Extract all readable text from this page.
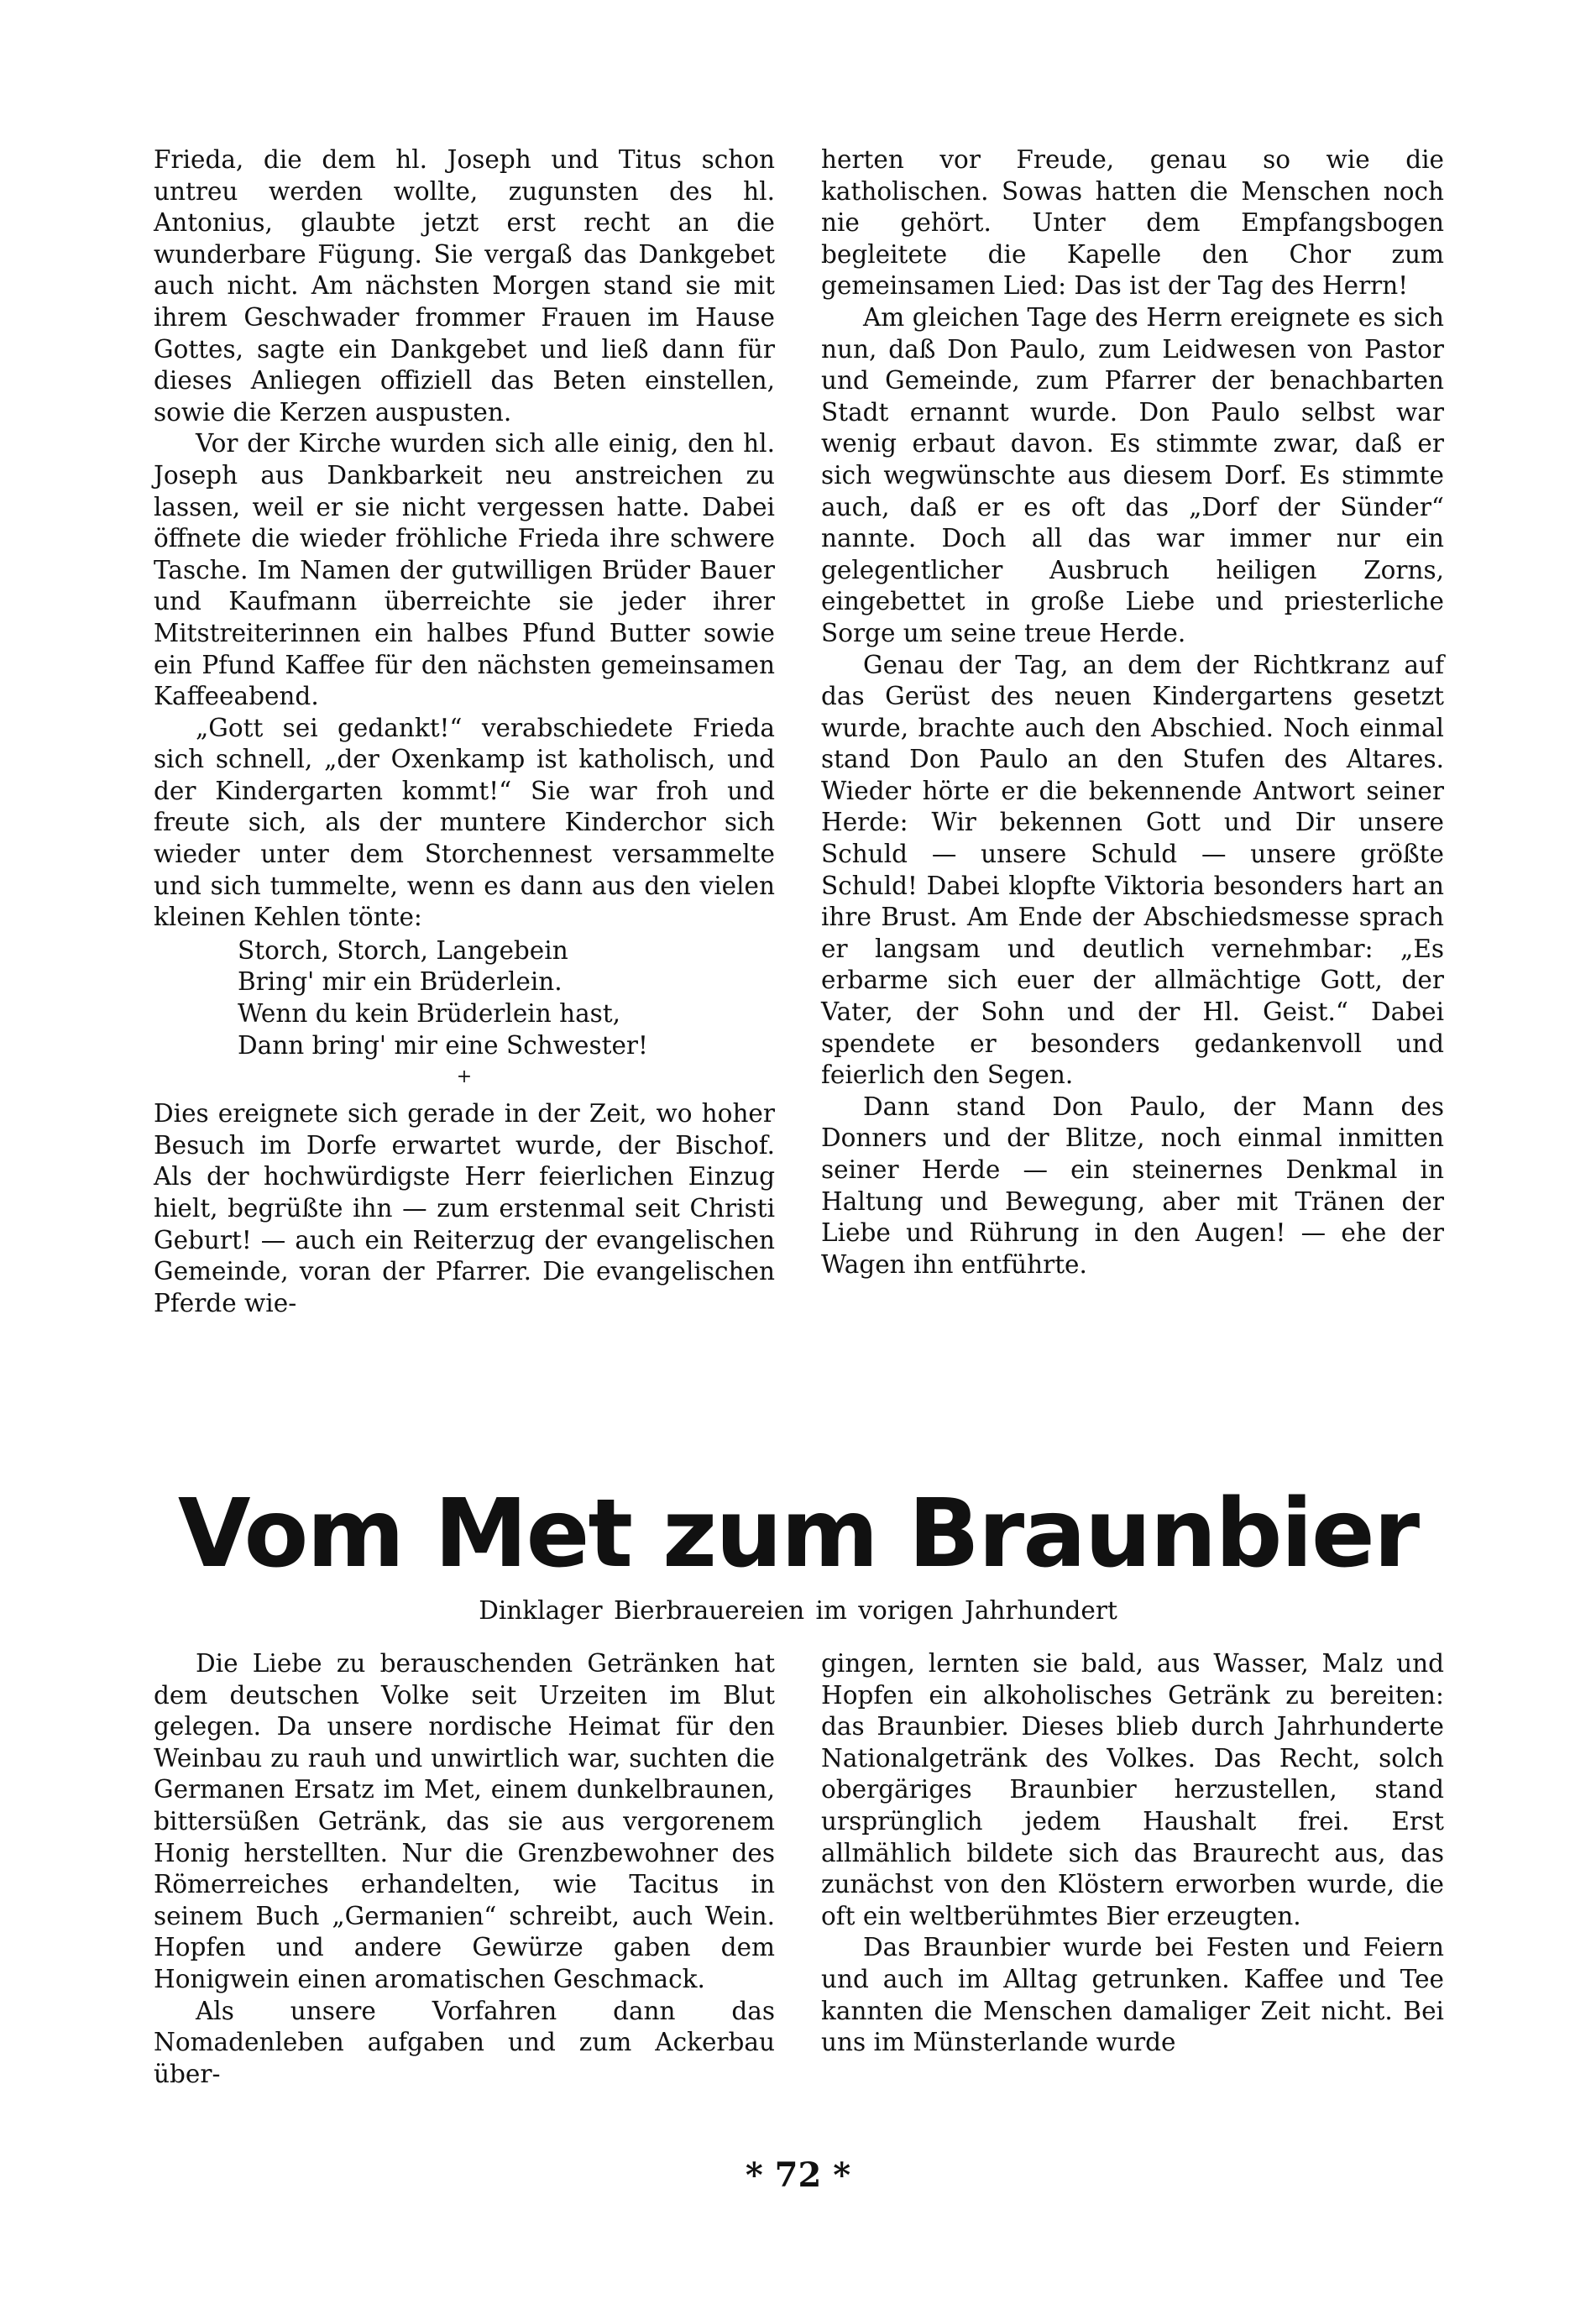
Frieda, die dem hl. Joseph und Titus schon untreu werden wollte, zugunsten des hl. Antonius, glaubte jetzt erst recht an die wunderbare Fügung. Sie vergaß das Dankgebet auch nicht. Am nächsten Morgen stand sie mit ihrem Geschwader frommer Frauen im Hause Gottes, sagte ein Dankgebet und ließ dann für dieses Anliegen offiziell das Beten einstellen, sowie die Kerzen auspusten.

Vor der Kirche wurden sich alle einig, den hl. Joseph aus Dankbarkeit neu anstreichen zu lassen, weil er sie nicht vergessen hatte. Dabei öffnete die wieder fröhliche Frieda ihre schwere Tasche. Im Namen der gutwilligen Brüder Bauer und Kaufmann überreichte sie jeder ihrer Mitstreiterinnen ein halbes Pfund Butter sowie ein Pfund Kaffee für den nächsten gemeinsamen Kaffeeabend.

„Gott sei gedankt!“ verabschiedete Frieda sich schnell, „der Oxenkamp ist katholisch, und der Kindergarten kommt!“ Sie war froh und freute sich, als der muntere Kinderchor sich wieder unter dem Storchennest versammelte und sich tummelte, wenn es dann aus den vielen kleinen Kehlen tönte:

Storch, Storch, Langebein
Bring' mir ein Brüderlein.
Wenn du kein Brüderlein hast,
Dann bring' mir eine Schwester!
+

Dies ereignete sich gerade in der Zeit, wo hoher Besuch im Dorfe erwartet wurde, der Bischof. Als der hochwürdigste Herr feierlichen Einzug hielt, begrüßte ihn — zum erstenmal seit Christi Geburt! — auch ein Reiterzug der evangelischen Gemeinde, voran der Pfarrer. Die evangelischen Pferde wie-

herten vor Freude, genau so wie die katholischen. Sowas hatten die Menschen noch nie gehört. Unter dem Empfangsbogen begleitete die Kapelle den Chor zum gemeinsamen Lied: Das ist der Tag des Herrn!

Am gleichen Tage des Herrn ereignete es sich nun, daß Don Paulo, zum Leidwesen von Pastor und Gemeinde, zum Pfarrer der benachbarten Stadt ernannt wurde. Don Paulo selbst war wenig erbaut davon. Es stimmte zwar, daß er sich wegwünschte aus diesem Dorf. Es stimmte auch, daß er es oft das „Dorf der Sünder“ nannte. Doch all das war immer nur ein gelegentlicher Ausbruch heiligen Zorns, eingebettet in große Liebe und priesterliche Sorge um seine treue Herde.

Genau der Tag, an dem der Richtkranz auf das Gerüst des neuen Kindergartens gesetzt wurde, brachte auch den Abschied. Noch einmal stand Don Paulo an den Stufen des Altares. Wieder hörte er die bekennende Antwort seiner Herde: Wir bekennen Gott und Dir unsere Schuld — unsere Schuld — unsere größte Schuld! Dabei klopfte Viktoria besonders hart an ihre Brust. Am Ende der Abschiedsmesse sprach er langsam und deutlich vernehmbar: „Es erbarme sich euer der allmächtige Gott, der Vater, der Sohn und der Hl. Geist.“ Dabei spendete er besonders gedankenvoll und feierlich den Segen.

Dann stand Don Paulo, der Mann des Donners und der Blitze, noch einmal inmitten seiner Herde — ein steinernes Denkmal in Haltung und Bewegung, aber mit Tränen der Liebe und Rührung in den Augen! — ehe der Wagen ihn entführte.

Vom Met zum Braunbier
Dinklager Bierbrauereien im vorigen Jahrhundert

Die Liebe zu berauschenden Getränken hat dem deutschen Volke seit Urzeiten im Blut gelegen. Da unsere nordische Heimat für den Weinbau zu rauh und unwirtlich war, suchten die Germanen Ersatz im Met, einem dunkelbraunen, bittersüßen Getränk, das sie aus vergorenem Honig herstellten. Nur die Grenzbewohner des Römerreiches erhandelten, wie Tacitus in seinem Buch „Germanien“ schreibt, auch Wein. Hopfen und andere Gewürze gaben dem Honigwein einen aromatischen Geschmack.

Als unsere Vorfahren dann das Nomadenleben aufgaben und zum Ackerbau über-

gingen, lernten sie bald, aus Wasser, Malz und Hopfen ein alkoholisches Getränk zu bereiten: das Braunbier. Dieses blieb durch Jahrhunderte Nationalgetränk des Volkes. Das Recht, solch obergäriges Braunbier herzustellen, stand ursprünglich jedem Haushalt frei. Erst allmählich bildete sich das Braurecht aus, das zunächst von den Klöstern erworben wurde, die oft ein weltberühmtes Bier erzeugten.

Das Braunbier wurde bei Festen und Feiern und auch im Alltag getrunken. Kaffee und Tee kannten die Menschen damaliger Zeit nicht. Bei uns im Münsterlande wurde

* 72 *
